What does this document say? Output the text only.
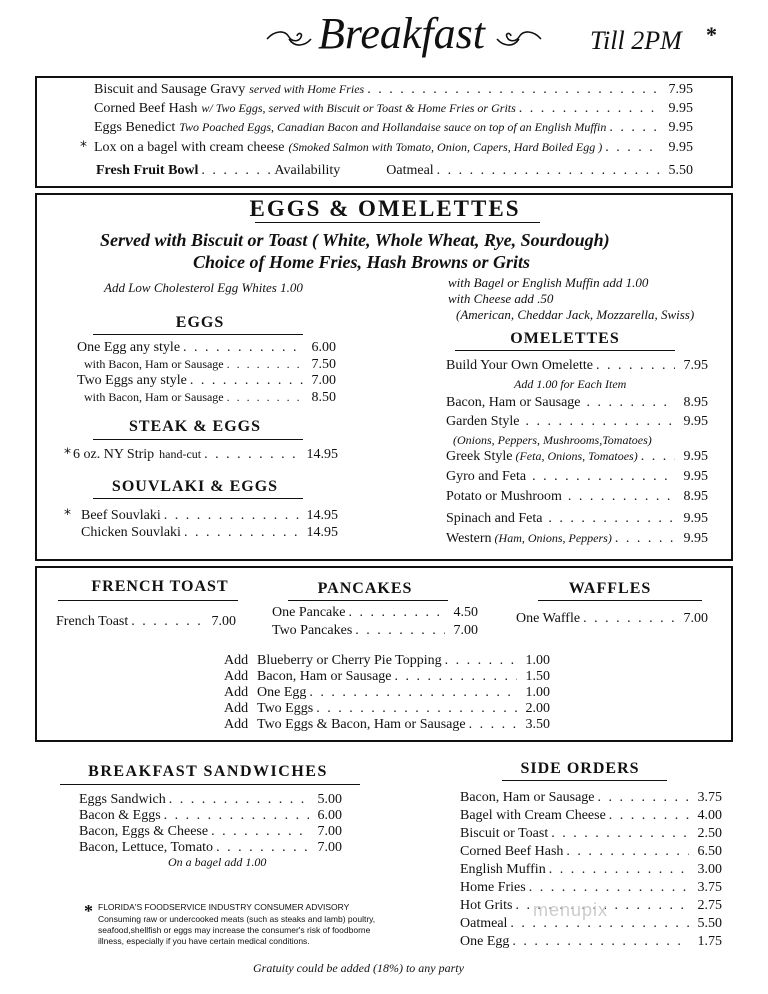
Breakfast	Till 2PM *
Biscuit and Sausage Gravy served with Home Fries . . .	7.95
Corned Beef Hash w/ Two Eggs, served with Biscuit or Toast & Home Fries or Grits . . .	9.95
Eggs Benedict Two Poached Eggs, Canadian Bacon and Hollandaise sauce on top of an English Muffin . . .	9.95
* Lox on a bagel with cream cheese (Smoked Salmon with Tomato, Onion, Capers, Hard Boiled Egg ) . . .	9.95
Fresh Fruit Bowl . . .	Availability	Oatmeal . . .	5.50
EGGS & OMELETTES
Served with Biscuit or Toast ( White, Whole Wheat, Rye, Sourdough)
Choice of Home Fries, Hash Browns or Grits
Add Low Cholesterol Egg Whites 1.00	with Bagel or English Muffin add 1.00
with Cheese add .50
(American, Cheddar Jack, Mozzarella, Swiss)
EGGS
One Egg any style . . .	6.00
with Bacon, Ham or Sausage . . .	7.50
Two Eggs any style . . .	7.00
with Bacon, Ham or Sausage . . .	8.50
STEAK & EGGS
* 6 oz. NY Strip hand-cut . . .	14.95
SOUVLAKI & EGGS
* Beef Souvlaki . . .	14.95
Chicken Souvlaki . . .	14.95
OMELETTES
Build Your Own Omelette . . .	7.95
Add 1.00 for Each Item
Bacon, Ham or Sausage . . .	8.95
Garden Style . . .	9.95
Greek Style (Feta, Onions, Tomatoes) . . .	9.95
Gyro and Feta . . .	9.95
Potato or Mushroom . . .	8.95
Spinach and Feta . . .	9.95
Western (Ham, Onions, Peppers) . . .	9.95
(Onions, Peppers, Mushrooms,Tomatoes)
FRENCH TOAST
French Toast . . .	7.00
PANCAKES
One Pancake . . .	4.50
Two Pancakes . . .	7.00
WAFFLES
One Waffle . . .	7.00
Add Blueberry or Cherry Pie Topping . . .	1.00
Add Bacon, Ham or Sausage . . .	1.50
Add One Egg . . .	1.00
Add Two Eggs . . .	2.00
Add Two Eggs & Bacon, Ham or Sausage . . .	3.50
BREAKFAST SANDWICHES
Eggs Sandwich . . .	5.00
Bacon & Eggs . . .	6.00
Bacon, Eggs & Cheese . . .	7.00
Bacon, Lettuce, Tomato . . .	7.00
On a bagel add 1.00
SIDE ORDERS
Bacon, Ham or Sausage . . .	3.75
Bagel with Cream Cheese . . .	4.00
Biscuit or Toast . . .	2.50
Corned Beef Hash . . .	6.50
English Muffin . . .	3.00
Home Fries . . .	3.75
Hot Grits . . .	2.75
Oatmeal . . .	5.50
One Egg . . .	1.75
* FLORIDA'S FOODSERVICE INDUSTRY CONSUMER ADVISORY
Consuming raw or undercooked meats (such as steaks and lamb) poultry, seafood,shellfish or eggs may increase the consumer's risk of foodborne illness, especially if you have certain medical conditions.
Gratuity could be added (18%) to any party
menupix
